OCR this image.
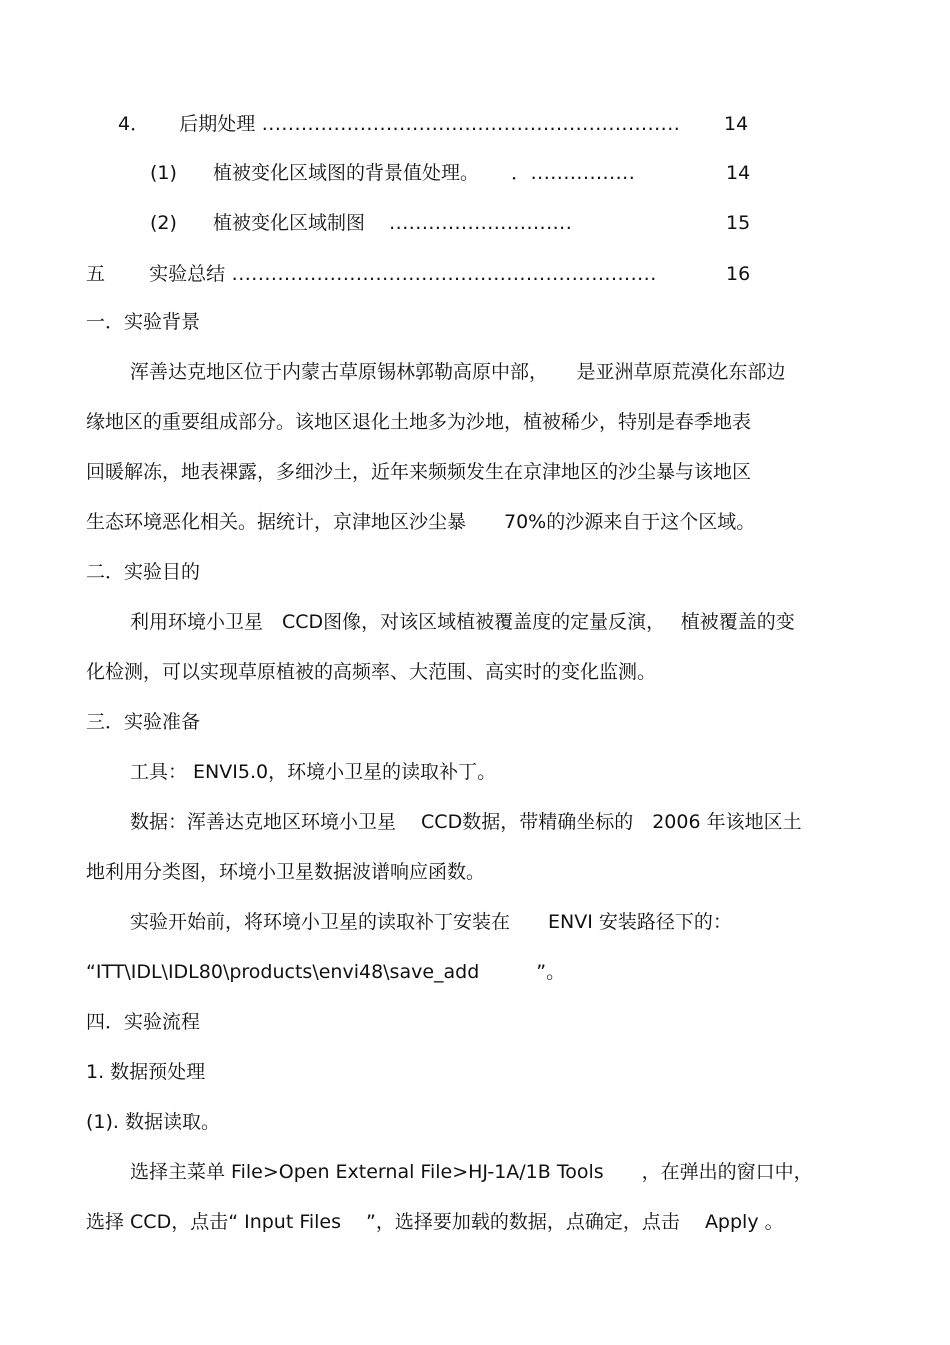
4． 后期处理 ................................................................ 14
(1) 植被变化区域图的背景值处理。 ．................	14
(2) 植被变化区域制图 ............................	15
五 实验总结 .................................................................	16
一．实验背景
浑善达克地区位于内蒙古草原锡林郭勒高原中部，　　是亚洲草原荒漠化东部边
缘地区的重要组成部分。该地区退化土地多为沙地，植被稀少，特别是春季地表
回暖解冻，地表裸露，多细沙土，近年来频频发生在京津地区的沙尘暴与该地区
生态环境恶化相关。据统计，京津地区沙尘暴　　70%的沙源来自于这个区域。
二．实验目的
利用环境小卫星　CCD图像，对该区域植被覆盖度的定量反演，　 植被覆盖的变
化检测，可以实现草原植被的高频率、大范围、高实时的变化监测。
三．实验准备
工具： ENVI5.0，环境小卫星的读取补丁。
数据：浑善达克地区环境小卫星　 CCD数据，带精确坐标的　2006 年该地区土
地利用分类图，环境小卫星数据波谱响应函数。
实验开始前，将环境小卫星的读取补丁安装在　　ENVI 安装路径下的：
“ITT\IDL\IDL80\products\envi48\save_add　　　”。
四．实验流程
1. 数据预处理
(1). 数据读取。
选择主菜单 File>Open External File>HJ-1A/1B Tools　　，在弹出的窗口中，
选择 CCD，点击“ Input Files　 ”，选择要加载的数据，点确定，点击　 Apply 。
